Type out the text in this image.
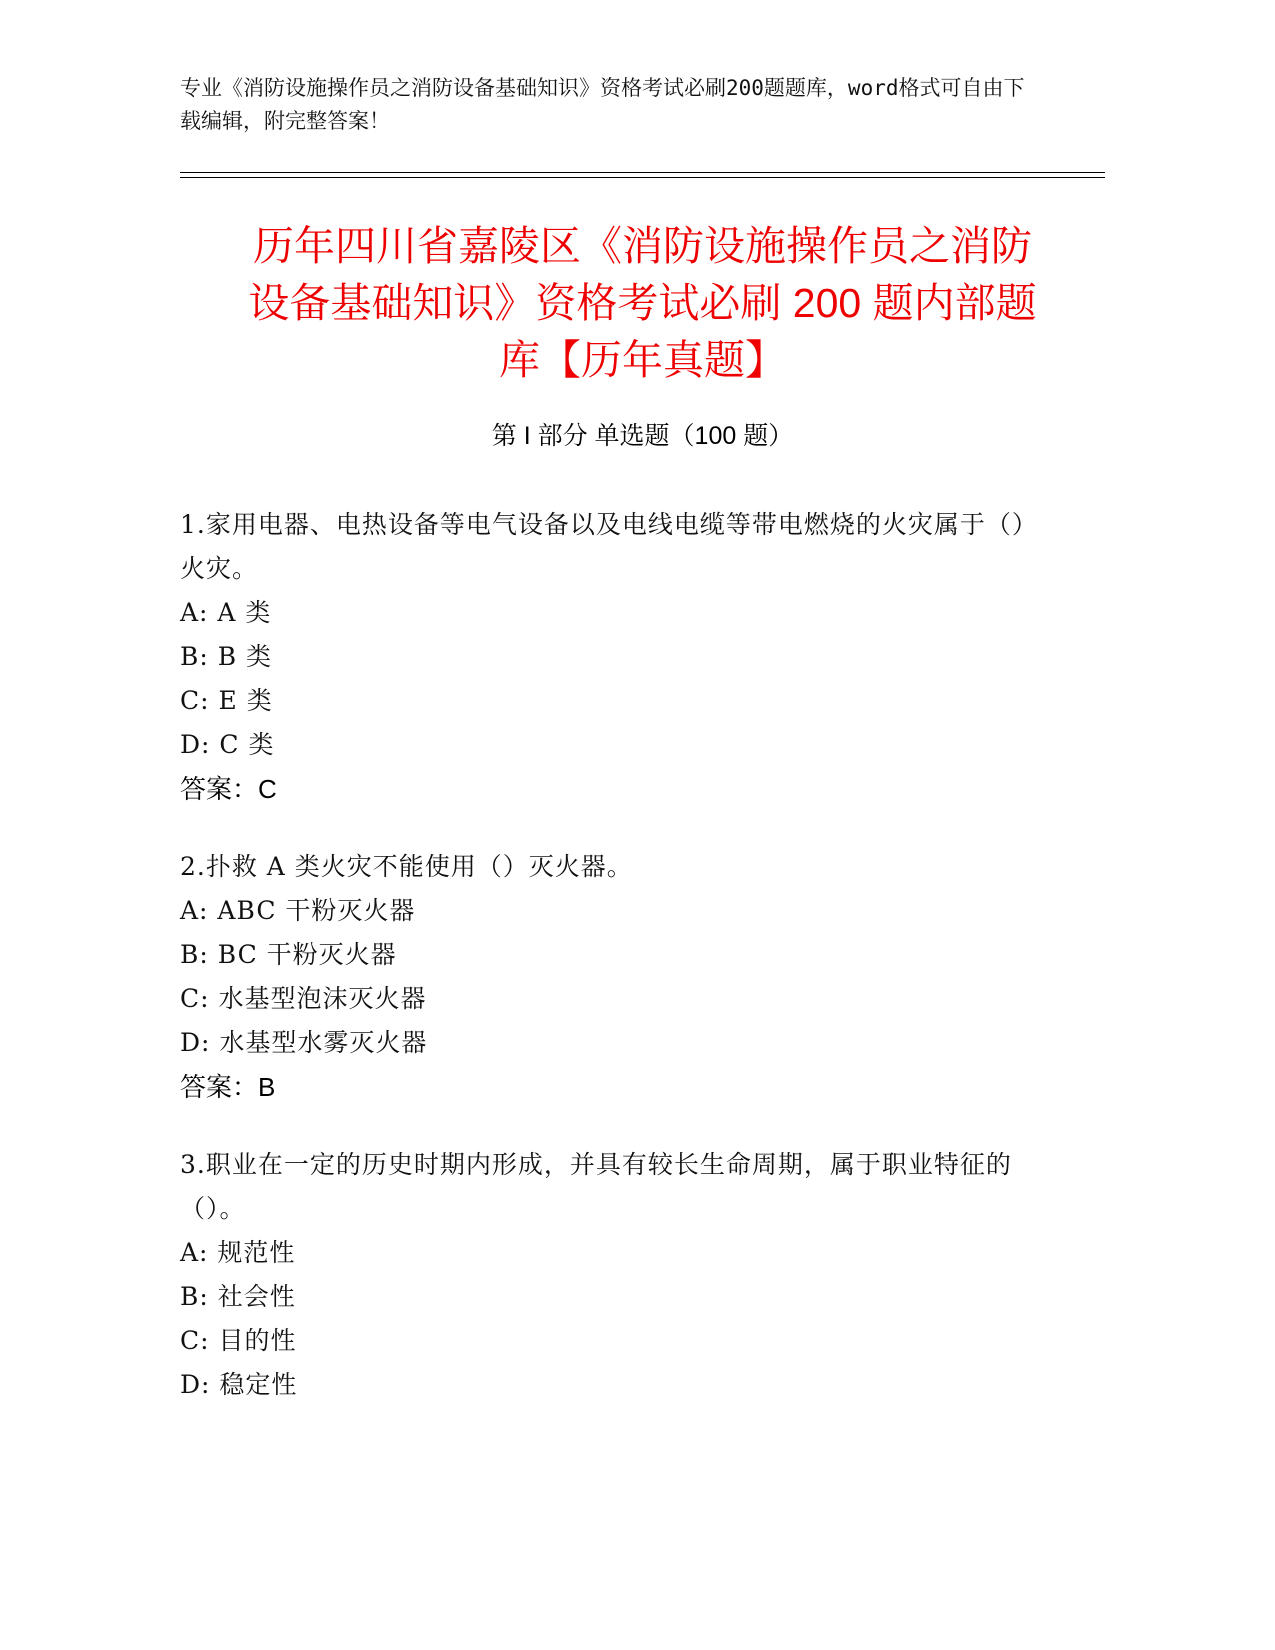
专业《消防设施操作员之消防设备基础知识》资格考试必刷200题题库，word格式可自由下载编辑，附完整答案！
历年四川省嘉陵区《消防设施操作员之消防
设备基础知识》资格考试必刷 200 题内部题
库【历年真题】
第 I 部分 单选题（100 题）
1.家用电器、电热设备等电气设备以及电线电缆等带电燃烧的火灾属于（）火灾。
A: A 类
B: B 类
C: E 类
D: C 类
答案：C
2.扑救 A 类火灾不能使用（）灭火器。
A: ABC 干粉灭火器
B: BC 干粉灭火器
C: 水基型泡沫灭火器
D: 水基型水雾灭火器
答案：B
3.职业在一定的历史时期内形成，并具有较长生命周期，属于职业特征的（）。
A: 规范性
B: 社会性
C: 目的性
D: 稳定性
